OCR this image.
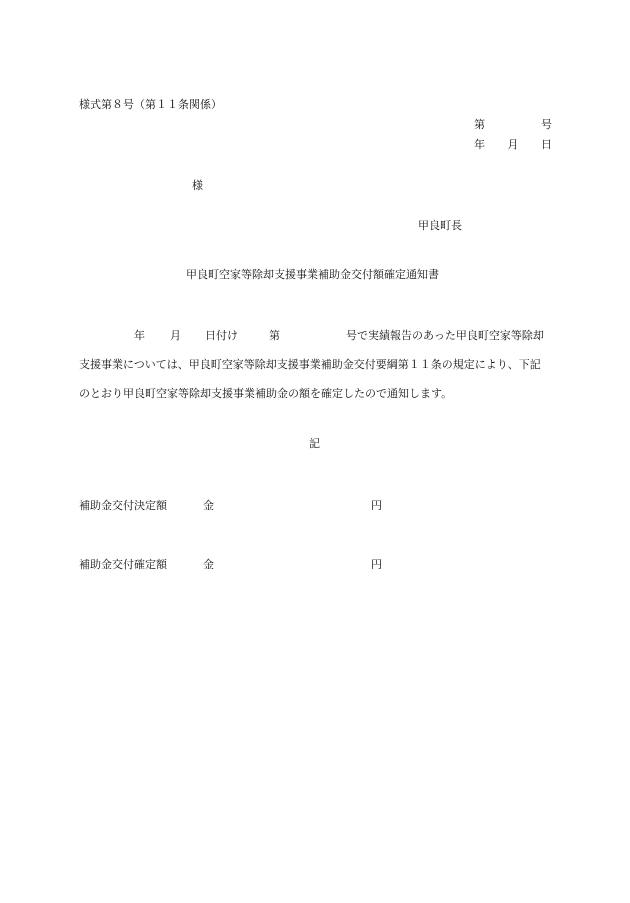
様式第８号（第１１条関係）
第	号
年 月 日
様
甲良町長
甲良町空家等除却支援事業補助金交付額確定通知書
年 月 日付け	第	号で実績報告のあった甲良町空家等除却
支援事業については、甲良町空家等除却支援事業補助金交付要綱第１１条の規定により、下記
のとおり甲良町空家等除却支援事業補助金の額を確定したので通知します。
記
補助金交付決定額	金	円
補助金交付確定額	金	円
